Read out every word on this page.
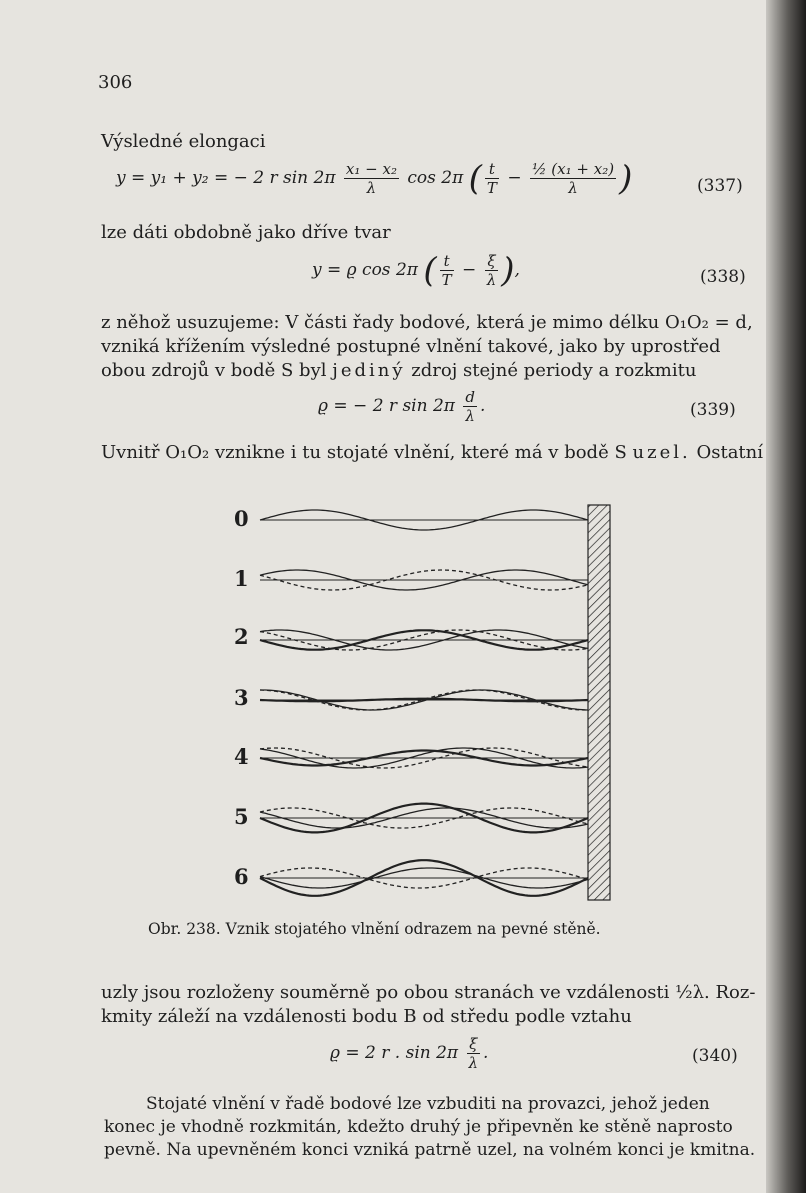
306
Výsledné elongaci
y = y₁ + y₂ = − 2 r $\sin 2\pi \frac{\text{x₁ − x₂}}{\lambda}$ cos 2π ( $\frac{t}{T} - \frac{\text{½ (x₁ + x₂)}}{\lambda}$ )	(337)
lze dáti obdobně jako dříve tvar
y = ϱ cos 2π ( $\frac{t}{T} - \frac{\xi}{\lambda}$ ),	(338)
z něhož usuzujeme: V části řady bodové, která je mimo délku O₁O₂ = d,
vzniká křížením výsledné postupné vlnění takové, jako by uprostřed
obou zdrojů v bodě S byl jediný zdroj stejné periody a rozkmitu
ϱ = − 2 r $\sin 2\pi \frac{d}{\lambda}$ .	(339)
Uvnitř O₁O₂ vznikne i tu stojaté vlnění, které má v bodě S uzel. Ostatní
0
1
2
3
4
5
6
Obr. 238. Vznik stojatého vlnění odrazem na pevné stěně.
uzly jsou rozloženy souměrně po obou stranách ve vzdálenosti ½λ. Roz-
kmity záleží na vzdálenosti bodu B od středu podle vztahu
ϱ = 2 r . $\sin 2\pi \frac{\xi}{\lambda}$ .	(340)
Stojaté vlnění v řadě bodové lze vzbuditi na provazci, jehož jeden
konec je vhodně rozkmitán, kdežto druhý je připevněn ke stěně naprosto
pevně. Na upevněném konci vzniká patrně uzel, na volném konci je kmitna.
